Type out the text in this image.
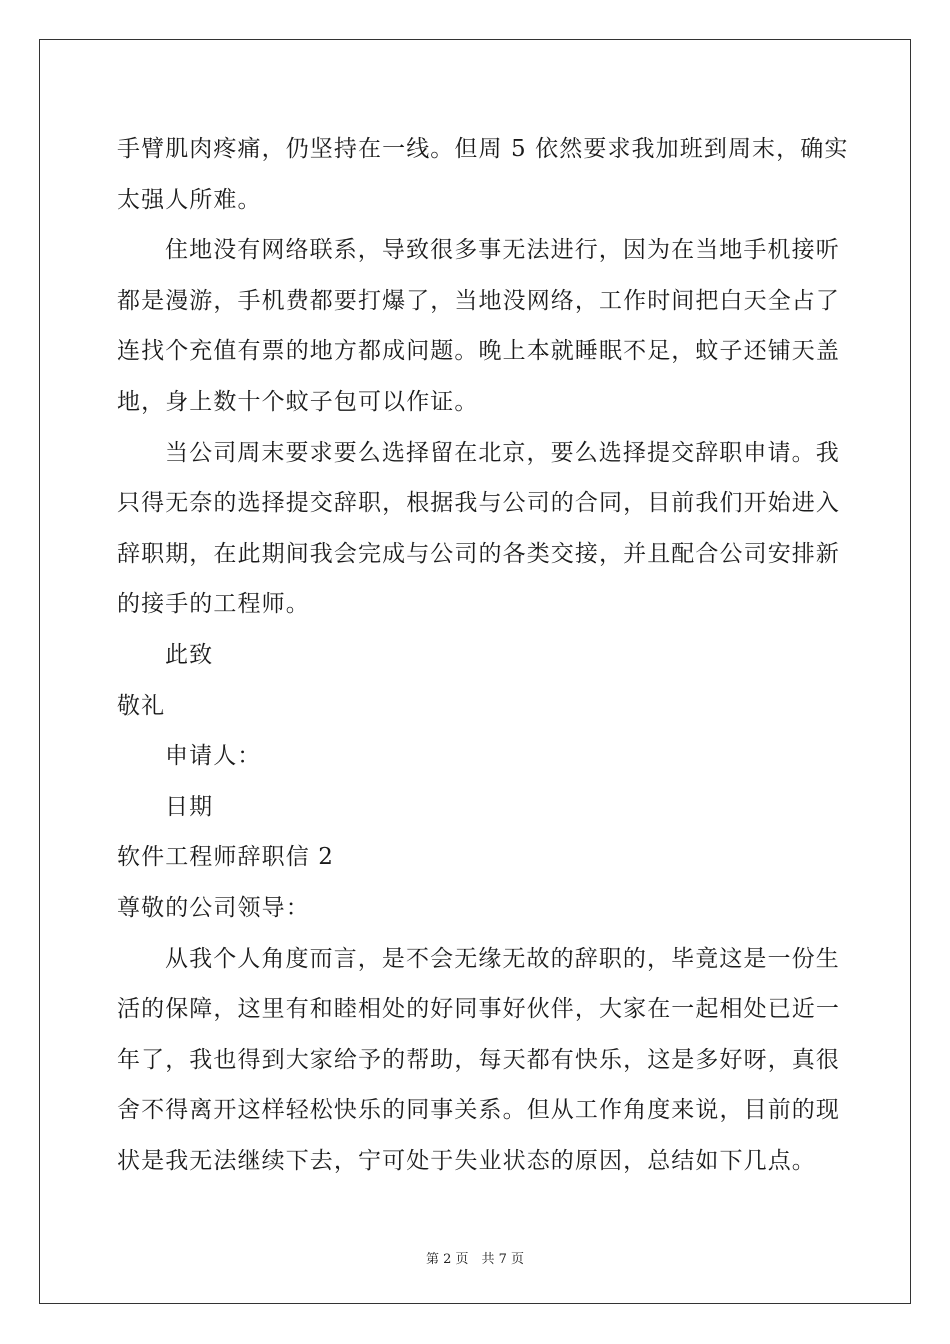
手臂肌肉疼痛，仍坚持在一线。但周 5 依然要求我加班到周末，确实
太强人所难。
住地没有网络联系，导致很多事无法进行，因为在当地手机接听
都是漫游，手机费都要打爆了，当地没网络，工作时间把白天全占了
连找个充值有票的地方都成问题。晚上本就睡眠不足，蚊子还铺天盖
地，身上数十个蚊子包可以作证。
当公司周末要求要么选择留在北京，要么选择提交辞职申请。我
只得无奈的选择提交辞职，根据我与公司的合同，目前我们开始进入
辞职期，在此期间我会完成与公司的各类交接，并且配合公司安排新
的接手的工程师。
此致
敬礼
申请人：
日期
软件工程师辞职信 2
尊敬的公司领导：
从我个人角度而言，是不会无缘无故的辞职的，毕竟这是一份生
活的保障，这里有和睦相处的好同事好伙伴，大家在一起相处已近一
年了，我也得到大家给予的帮助，每天都有快乐，这是多好呀，真很
舍不得离开这样轻松快乐的同事关系。但从工作角度来说，目前的现
状是我无法继续下去，宁可处于失业状态的原因，总结如下几点。
第 2 页　共 7 页
